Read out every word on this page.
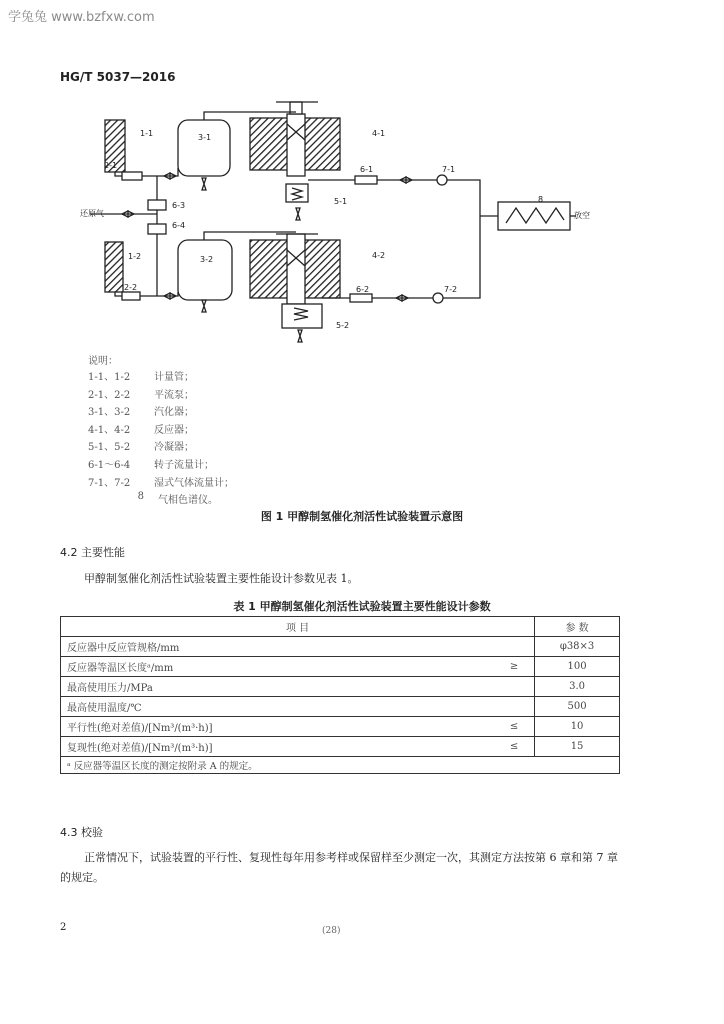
学兔兔 www.bzfxw.com
HG/T 5037—2016
1-1
1-2
2-1
2-2
3-1
3-2
4-1
4-2
5-1
5-2
6-1
6-2
6-3
6-4
7-1
7-2
8
还原气	放空
说明：
1-1、1-2	计量管；
2-1、2-2	平流泵；
3-1、3-2	汽化器；
4-1、4-2	反应器；
5-1、5-2	冷凝器；
6-1～6-4	转子流量计；
7-1、7-2	湿式气体流量计；
8	气相色谱仪。
图 1 甲醇制氢催化剂活性试验装置示意图
4.2 主要性能
甲醇制氢催化剂活性试验装置主要性能设计参数见表 1。
表 1 甲醇制氢催化剂活性试验装置主要性能设计参数
项 目		参 数
反应器中反应管规格/mm		φ38×3
反应器等温区长度ᵃ/mm	≥	100
最高使用压力/MPa		3.0
最高使用温度/℃		500
平行性(绝对差值)/[Nm³/(m³·h)]	≤	10
复现性(绝对差值)/[Nm³/(m³·h)]	≤	15
ᵃ 反应器等温区长度的测定按附录 A 的规定。		
4.3 校验
正常情况下，试验装置的平行性、复现性每年用参考样或保留样至少测定一次，其测定方法按第 6 章和第 7 章的规定。
2	(28)
